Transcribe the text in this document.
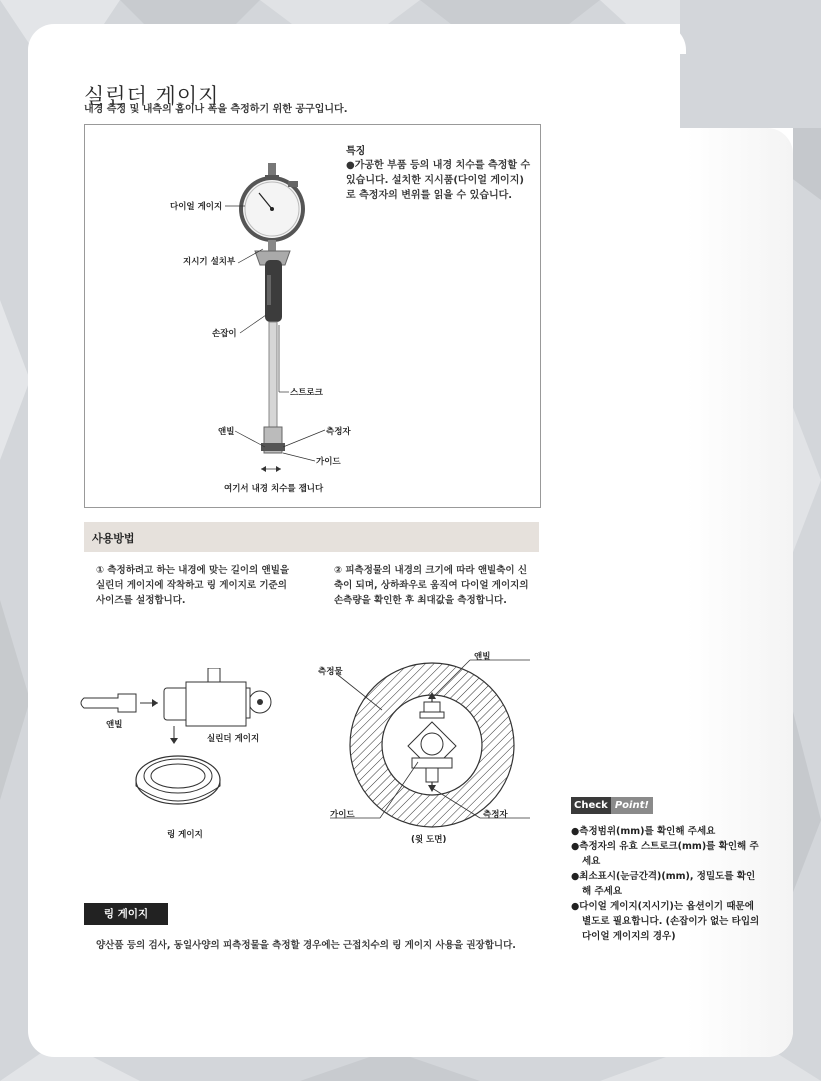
실린더 게이지
내경 측정 및 내측의 홈이나 폭을 측정하기 위한 공구입니다.
특징
●가공한 부품 등의 내경 치수를 측정할 수 있습니다. 설치한 지시품(다이얼 게이지)로 측정자의 변위를 읽을 수 있습니다.
다이얼 게이지
지시기 설치부
손잡이
스트로크
앤빌	측정자
가이드
여기서 내경 치수를 잽니다
사용방법
① 측정하려고 하는 내경에 맞는 길이의 앤빌을 실린더 게이지에 작착하고 링 게이지로 기준의 사이즈를 설정합니다.
② 피측정물의 내경의 크기에 따라 앤빌축이 신축이 되며, 상하좌우로 움직여 다이얼 게이지의 손측량을 확인한 후 최대값을 측정합니다.
앤빌
실린더 게이지
링 게이지
측정물
앤빌
가이드	측정자
(윗 도면)
링 게이지
양산품 등의 검사, 동일사양의 피측정물을 측정할 경우에는 근접치수의 링 게이지 사용을 권장합니다.
Check Point!
● 측정범위(mm)를 확인해 주세요
● 측정자의 유효 스트로크(mm)를 확인해 주세요
● 최소표시(눈금간격)(mm), 정밀도를 확인해 주세요
● 다이얼 게이지(지시기)는 옵션이기 때문에 별도로 필요합니다. (손잡이가 없는 타입의 다이얼 게이지의 경우)
